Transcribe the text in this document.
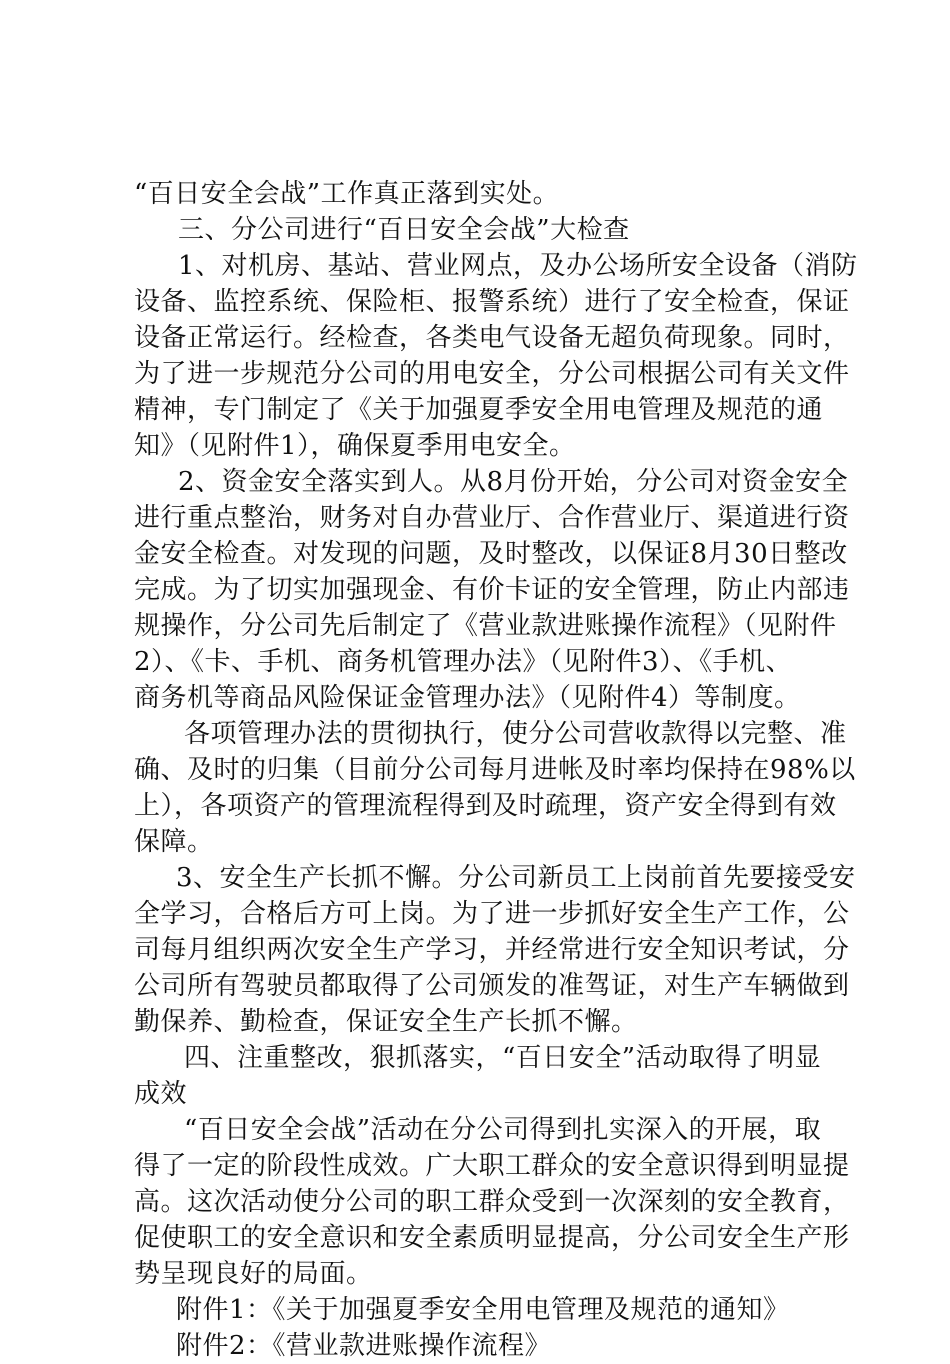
“百日安全会战”工作真正落到实处。
三、分公司进行“百日安全会战”大检查
1、对机房、基站、营业网点，及办公场所安全设备（消防
设备、监控系统、保险柜、报警系统）进行了安全检查，保证
设备正常运行。经检查，各类电气设备无超负荷现象。同时，
为了进一步规范分公司的用电安全，分公司根据公司有关文件
精神，专门制定了《关于加强夏季安全用电管理及规范的通
知》（见附件1），确保夏季用电安全。
2、资金安全落实到人。从8月份开始，分公司对资金安全
进行重点整治，财务对自办营业厅、合作营业厅、渠道进行资
金安全检查。对发现的问题，及时整改，以保证8月30日整改
完成。为了切实加强现金、有价卡证的安全管理，防止内部违
规操作，分公司先后制定了《营业款进账操作流程》（见附件
2）、《卡、手机、商务机管理办法》（见附件3）、《手机、
商务机等商品风险保证金管理办法》（见附件4）等制度。
各项管理办法的贯彻执行，使分公司营收款得以完整、准
确、及时的归集（目前分公司每月进帐及时率均保持在98%以
上），各项资产的管理流程得到及时疏理，资产安全得到有效
保障。
3、安全生产长抓不懈。分公司新员工上岗前首先要接受安
全学习，合格后方可上岗。为了进一步抓好安全生产工作，公
司每月组织两次安全生产学习，并经常进行安全知识考试，分
公司所有驾驶员都取得了公司颁发的准驾证，对生产车辆做到
勤保养、勤检查，保证安全生产长抓不懈。
四、注重整改，狠抓落实，“百日安全”活动取得了明显
成效
“百日安全会战”活动在分公司得到扎实深入的开展，取
得了一定的阶段性成效。广大职工群众的安全意识得到明显提
高。这次活动使分公司的职工群众受到一次深刻的安全教育，
促使职工的安全意识和安全素质明显提高，分公司安全生产形
势呈现良好的局面。
附件1：《关于加强夏季安全用电管理及规范的通知》
附件2：《营业款进账操作流程》
